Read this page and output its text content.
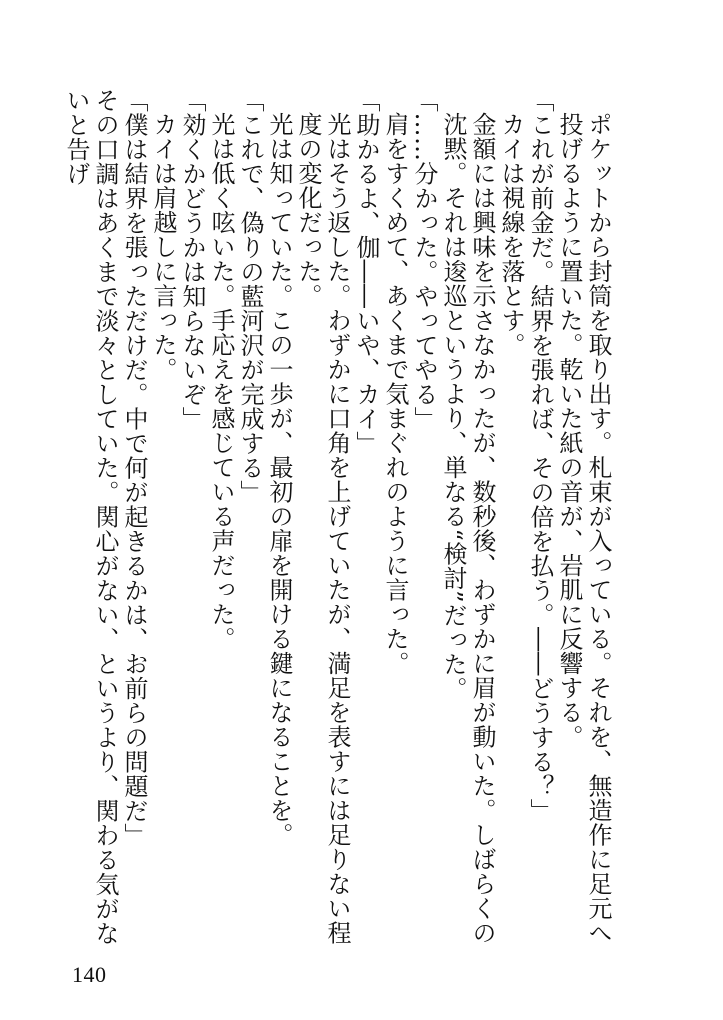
ポケットから封筒を取り出す。札束が入っている。それを、無造作に足元へ投げるように置いた。乾いた紙の音が、岩肌に反響する。

「これが前金だ。結界を張れば、その倍を払う。――どうする？」

カイは視線を落とす。

金額には興味を示さなかったが、数秒後、わずかに眉が動いた。しばらくの沈黙。それは逡巡というより、単なる“検討”だった。

「……分かった。やってやる」

肩をすくめて、あくまで気まぐれのように言った。

「助かるよ、伽――いや、カイ」

光はそう返した。わずかに口角を上げていたが、満足を表すには足りない程度の変化だった。

光は知っていた。この一歩が、最初の扉を開ける鍵になることを。

「これで、偽りの藍河沢が完成する」

光は低く呟いた。手応えを感じている声だった。

「効くかどうかは知らないぞ」

カイは肩越しに言った。

「僕は結界を張っただけだ。中で何が起きるかは、お前らの問題だ」

その口調はあくまで淡々としていた。関心がない、というより、関わる気がないと告げ

140
